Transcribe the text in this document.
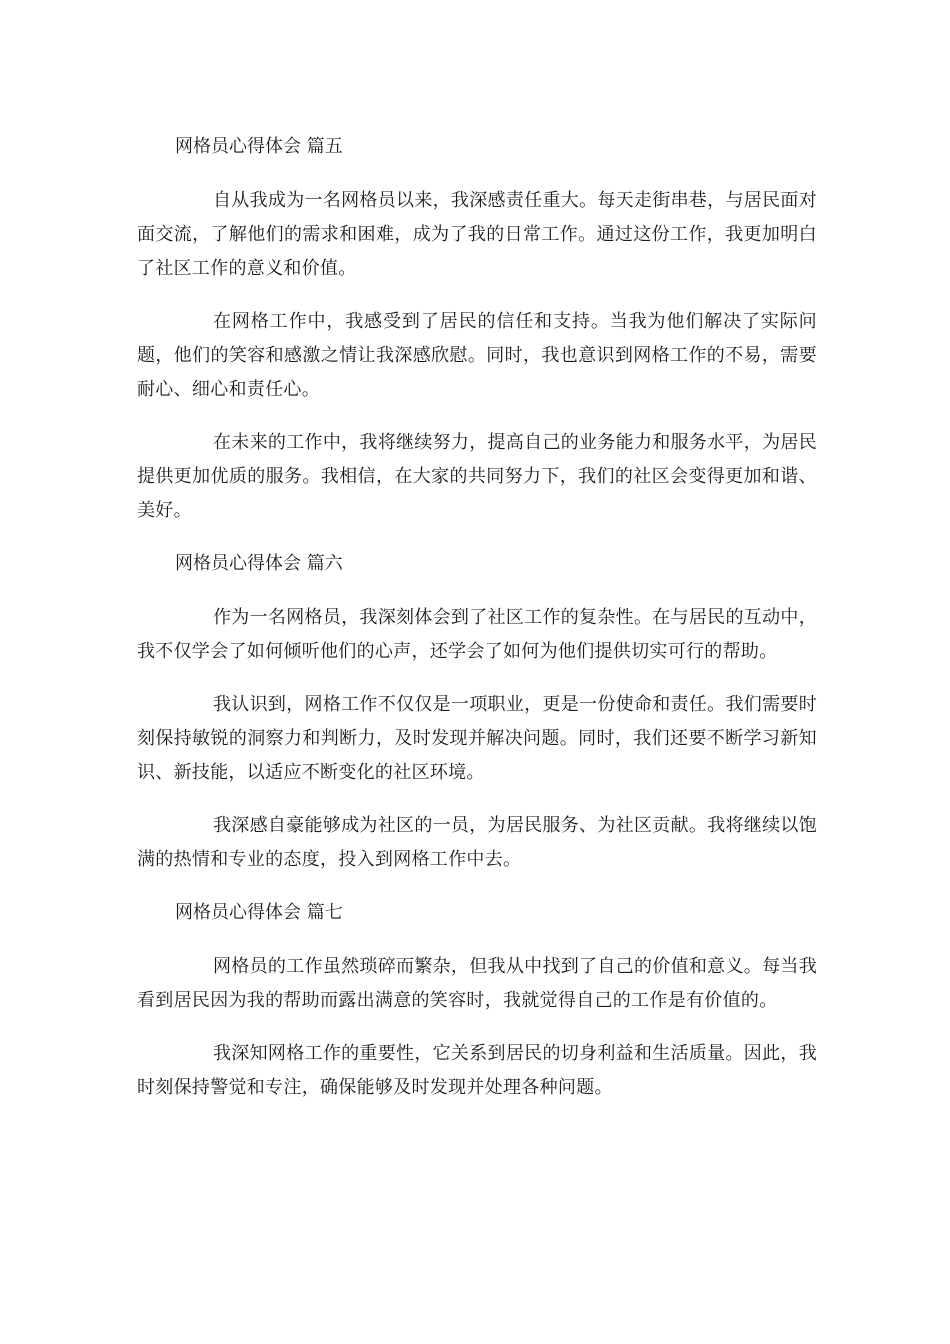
网格员心得体会 篇五

自从我成为一名网格员以来，我深感责任重大。每天走街串巷，与居民面对面交流，了解他们的需求和困难，成为了我的日常工作。通过这份工作，我更加明白了社区工作的意义和价值。

在网格工作中，我感受到了居民的信任和支持。当我为他们解决了实际问题，他们的笑容和感激之情让我深感欣慰。同时，我也意识到网格工作的不易，需要耐心、细心和责任心。

在未来的工作中，我将继续努力，提高自己的业务能力和服务水平，为居民提供更加优质的服务。我相信，在大家的共同努力下，我们的社区会变得更加和谐、美好。

网格员心得体会 篇六

作为一名网格员，我深刻体会到了社区工作的复杂性。在与居民的互动中，我不仅学会了如何倾听他们的心声，还学会了如何为他们提供切实可行的帮助。

我认识到，网格工作不仅仅是一项职业，更是一份使命和责任。我们需要时刻保持敏锐的洞察力和判断力，及时发现并解决问题。同时，我们还要不断学习新知识、新技能，以适应不断变化的社区环境。

我深感自豪能够成为社区的一员，为居民服务、为社区贡献。我将继续以饱满的热情和专业的态度，投入到网格工作中去。

网格员心得体会 篇七

网格员的工作虽然琐碎而繁杂，但我从中找到了自己的价值和意义。每当我看到居民因为我的帮助而露出满意的笑容时，我就觉得自己的工作是有价值的。

我深知网格工作的重要性，它关系到居民的切身利益和生活质量。因此，我时刻保持警觉和专注，确保能够及时发现并处理各种问题。
